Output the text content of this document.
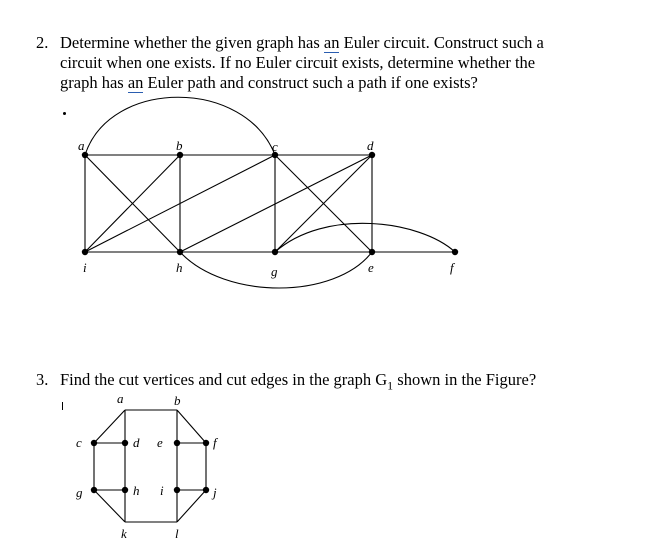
2. Determine whether the given graph has an Euler circuit. Construct such a
circuit when one exists. If no Euler circuit exists, determine whether the
graph has an Euler path and construct such a path if one exists?
a	b	c	d
i	h	g	e	f
3. Find the cut vertices and cut edges in the graph $G_1$ shown in the Figure?
a	b
c	d e	f
g	h i	j
k	l
